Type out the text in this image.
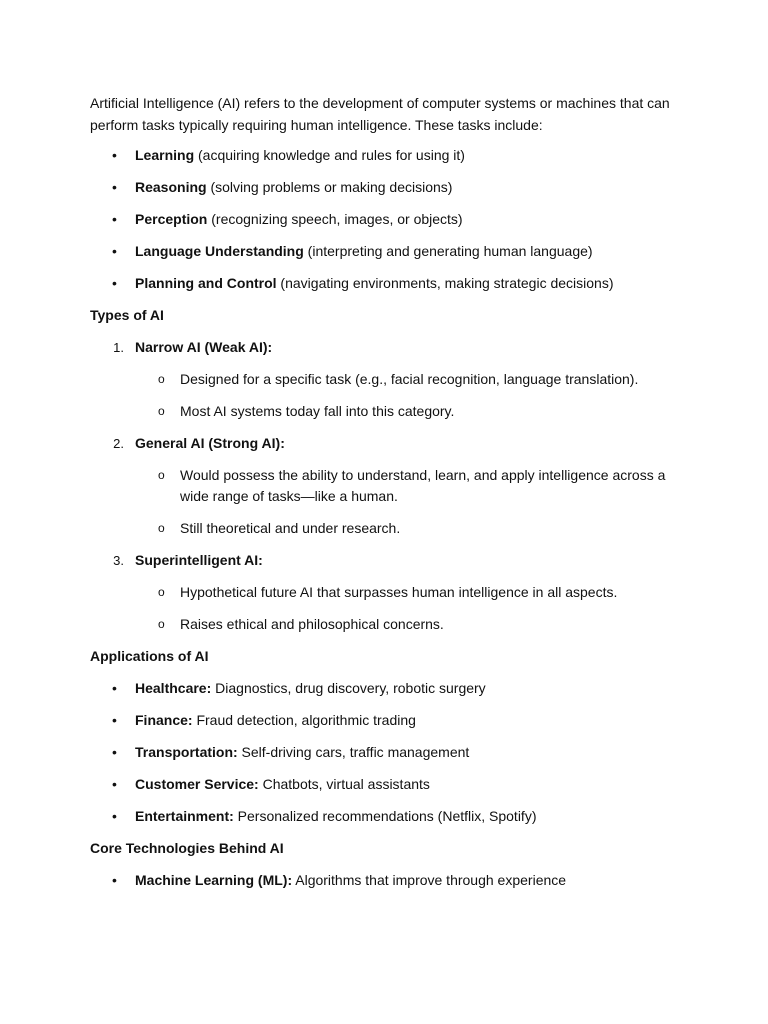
Artificial Intelligence (AI) refers to the development of computer systems or machines that can perform tasks typically requiring human intelligence. These tasks include:

• Learning (acquiring knowledge and rules for using it)
• Reasoning (solving problems or making decisions)
• Perception (recognizing speech, images, or objects)
• Language Understanding (interpreting and generating human language)
• Planning and Control (navigating environments, making strategic decisions)
Types of AI
1. Narrow AI (Weak AI):
o Designed for a specific task (e.g., facial recognition, language translation).
o Most AI systems today fall into this category.
2. General AI (Strong AI):
o Would possess the ability to understand, learn, and apply intelligence across a wide range of tasks—like a human.
o Still theoretical and under research.
3. Superintelligent AI:
o Hypothetical future AI that surpasses human intelligence in all aspects.
o Raises ethical and philosophical concerns.
Applications of AI
• Healthcare: Diagnostics, drug discovery, robotic surgery
• Finance: Fraud detection, algorithmic trading
• Transportation: Self-driving cars, traffic management
• Customer Service: Chatbots, virtual assistants
• Entertainment: Personalized recommendations (Netflix, Spotify)
Core Technologies Behind AI
• Machine Learning (ML): Algorithms that improve through experience
